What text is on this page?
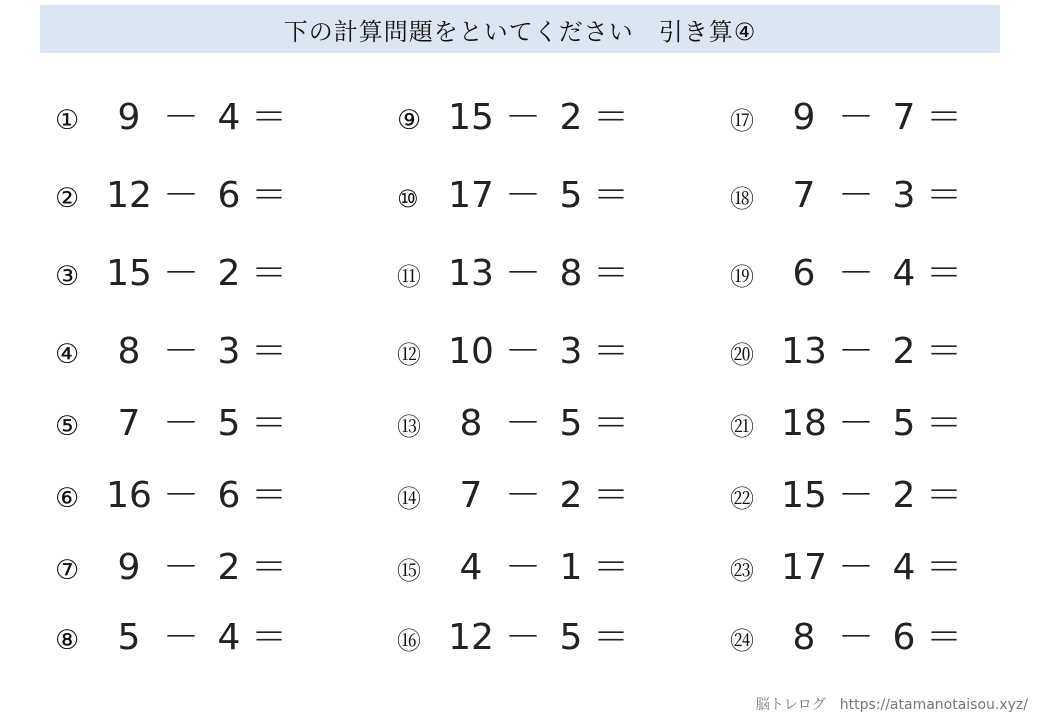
下の計算問題をといてください　引き算④
①	9 － 4 ＝
② 12 － 6 ＝
③ 15 － 2 ＝
④	8 － 3 ＝
⑤	7 － 5 ＝
⑥ 16 － 6 ＝
⑦	9 － 2 ＝
⑧	5 － 4 ＝
⑨ 15 － 2 ＝
⑩ 17 － 5 ＝
⑪ 13 － 8 ＝
⑫ 10 － 3 ＝
⑬	8 － 5 ＝
⑭	7 － 2 ＝
⑮	4 － 1 ＝
⑯ 12 － 5 ＝
⑰	9 － 7 ＝
⑱	7 － 3 ＝
⑲	6 － 4 ＝
⑳ 13 － 2 ＝
㉑ 18 － 5 ＝
㉒ 15 － 2 ＝
㉓ 17 － 4 ＝
㉔	8 － 6 ＝
脳トレログ　https://atamanotaisou.xyz/
